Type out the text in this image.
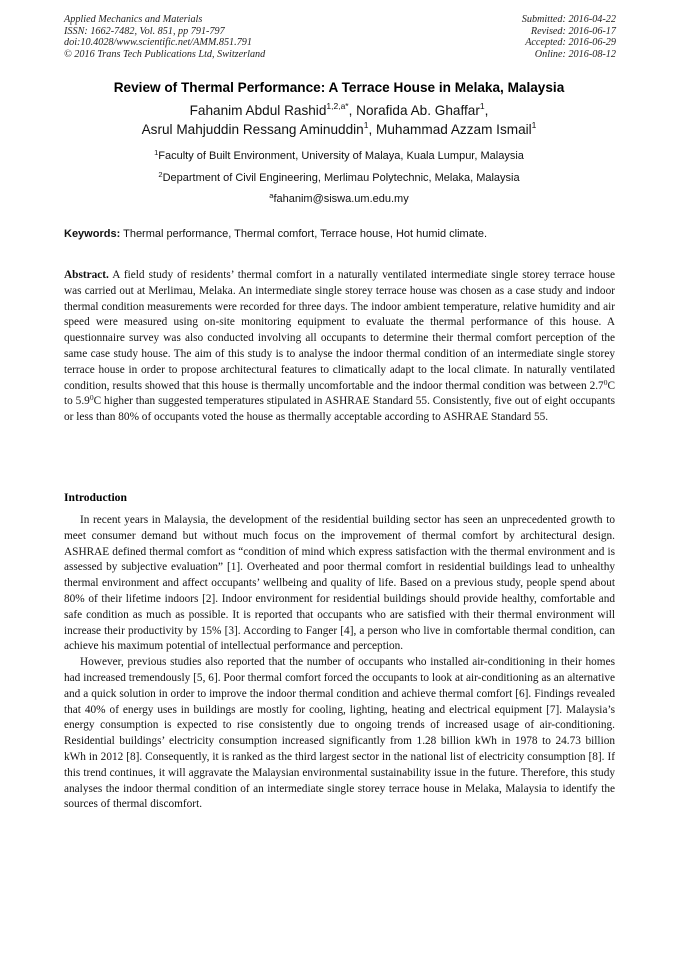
Applied Mechanics and Materials
ISSN: 1662-7482, Vol. 851, pp 791-797
doi:10.4028/www.scientific.net/AMM.851.791
© 2016 Trans Tech Publications Ltd, Switzerland
Submitted: 2016-04-22
Revised: 2016-06-17
Accepted: 2016-06-29
Online: 2016-08-12
Review of Thermal Performance: A Terrace House in Melaka, Malaysia
Fahanim Abdul Rashid$^{1,2,a*}$, Norafida Ab. Ghaffar$^1$,
Asrul Mahjuddin Ressang Aminuddin$^1$, Muhammad Azzam Ismail$^1$
$^1$Faculty of Built Environment, University of Malaya, Kuala Lumpur, Malaysia
$^2$Department of Civil Engineering, Merlimau Polytechnic, Melaka, Malaysia
$^a$fahanim@siswa.um.edu.my
Keywords: Thermal performance, Thermal comfort, Terrace house, Hot humid climate.

Abstract. A field study of residents’ thermal comfort in a naturally ventilated intermediate single storey terrace house was carried out at Merlimau, Melaka. An intermediate single storey terrace house was chosen as a case study and indoor thermal condition measurements were recorded for three days. The indoor ambient temperature, relative humidity and air speed were measured using on-site monitoring equipment to evaluate the thermal performance of this house. A questionnaire survey was also conducted involving all occupants to determine their thermal comfort perception of the same case study house. The aim of this study is to analyse the indoor thermal condition of an intermediate single storey terrace house in order to propose architectural features to climatically adapt to the local climate. In naturally ventilated condition, results showed that this house is thermally uncomfortable and the indoor thermal condition was between $2.7^0C$ to $5.9^0C$ higher than suggested temperatures stipulated in ASHRAE Standard 55. Consistently, five out of eight occupants or less than 80% of occupants voted the house as thermally acceptable according to ASHRAE Standard 55.

Introduction

In recent years in Malaysia, the development of the residential building sector has seen an unprecedented growth to meet consumer demand but without much focus on the improvement of thermal comfort by architectural design. ASHRAE defined thermal comfort as “condition of mind which express satisfaction with the thermal environment and is assessed by subjective evaluation” [1]. Overheated and poor thermal comfort in residential buildings lead to unhealthy thermal environment and affect occupants’ wellbeing and quality of life. Based on a previous study, people spend about 80% of their lifetime indoors [2]. Indoor environment for residential buildings should provide healthy, comfortable and safe condition as much as possible. It is reported that occupants who are satisfied with their thermal environment will increase their productivity by 15% [3]. According to Fanger [4], a person who live in comfortable thermal condition, can achieve his maximum potential of intellectual performance and perception.

However, previous studies also reported that the number of occupants who installed air-conditioning in their homes had increased tremendously [5, 6]. Poor thermal comfort forced the occupants to look at air-conditioning as an alternative and a quick solution in order to improve the indoor thermal condition and achieve thermal comfort [6]. Findings revealed that 40% of energy uses in buildings are mostly for cooling, lighting, heating and electrical equipment [7]. Malaysia’s energy consumption is expected to rise consistently due to ongoing trends of increased usage of air-conditioning. Residential buildings’ electricity consumption increased significantly from 1.28 billion kWh in 1978 to 24.73 billion kWh in 2012 [8]. Consequently, it is ranked as the third largest sector in the national list of electricity consumption [8]. If this trend continues, it will aggravate the Malaysian environmental sustainability issue in the future. Therefore, this study analyses the indoor thermal condition of an intermediate single storey terrace house in Melaka, Malaysia to identify the sources of thermal discomfort.
